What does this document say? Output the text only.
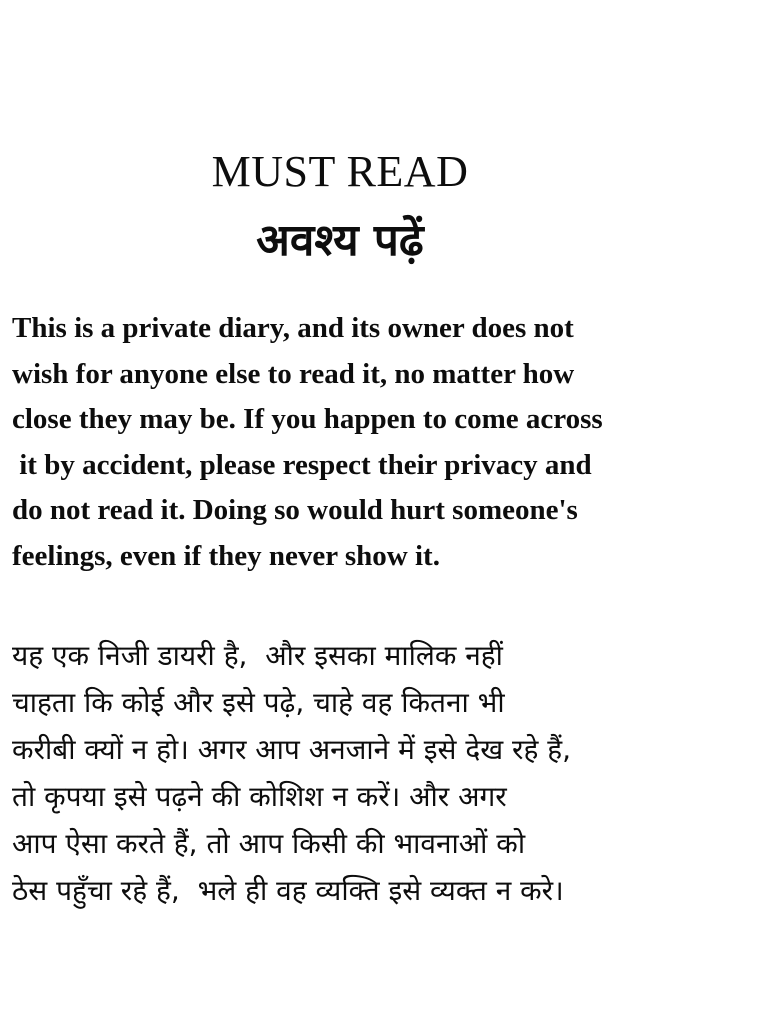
MUST READ
अवश्य पढ़ें
This is a private diary, and its owner does not
wish for anyone else to read it, no matter how
close they may be. If you happen to come across
it by accident, please respect their privacy and
do not read it. Doing so would hurt someone's
feelings, even if they never show it.
यह एक निजी डायरी है,  और इसका मालिक नहीं
चाहता कि कोई और इसे पढ़े, चाहे वह कितना भी
करीबी क्यों न हो। अगर आप अनजाने में इसे देख रहे हैं,
तो कृपया इसे पढ़ने की कोशिश न करें। और अगर
आप ऐसा करते हैं, तो आप किसी की भावनाओं को
ठेस पहुँचा रहे हैं,  भले ही वह व्यक्ति इसे व्यक्त न करे।
